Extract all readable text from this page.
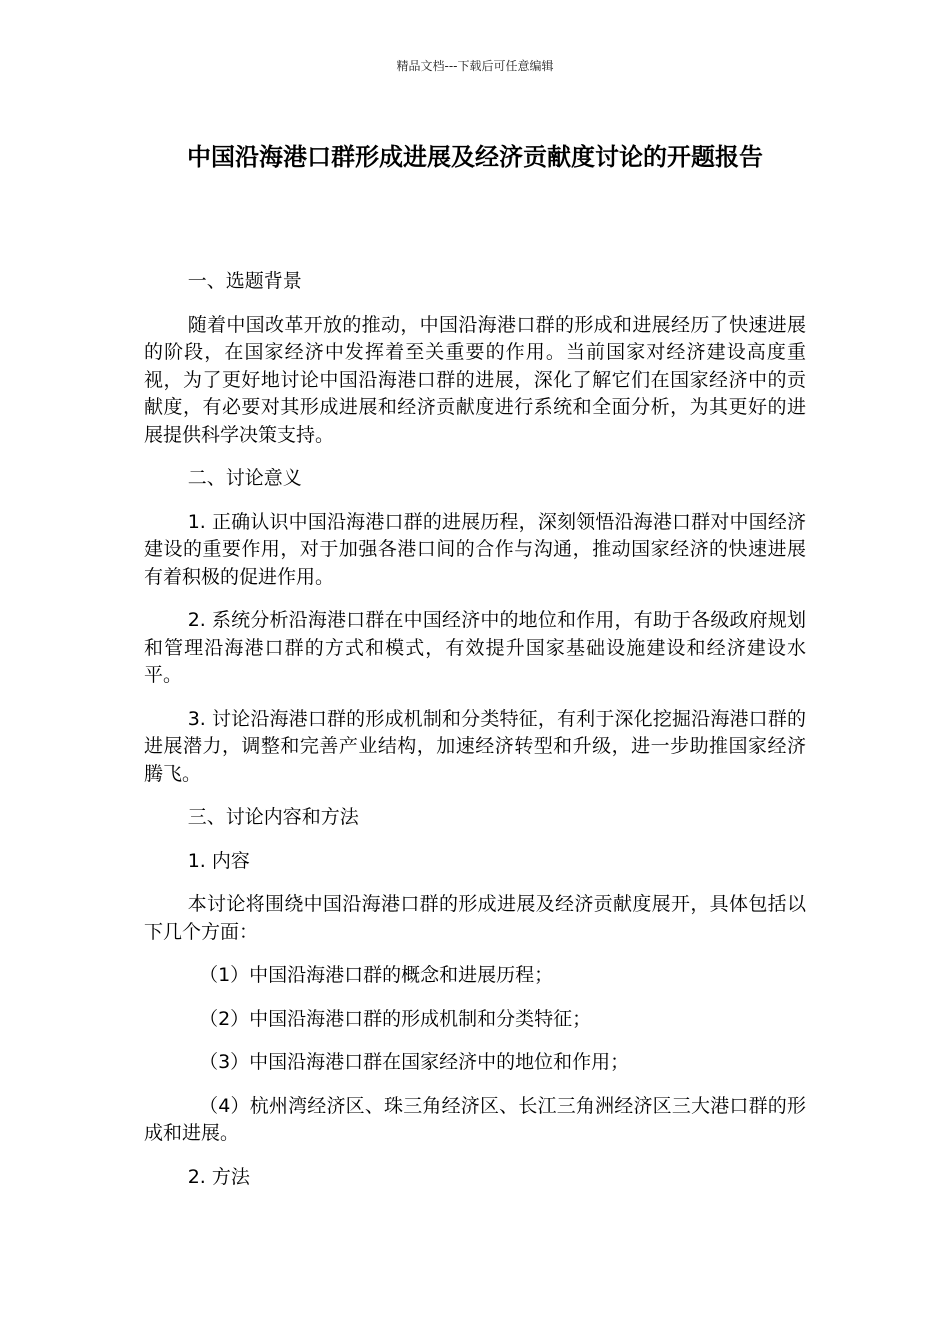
精品文档---下载后可任意编辑
中国沿海港口群形成进展及经济贡献度讨论的开题报告

一、选题背景

随着中国改革开放的推动，中国沿海港口群的形成和进展经历了快速进展的阶段，在国家经济中发挥着至关重要的作用。当前国家对经济建设高度重视，为了更好地讨论中国沿海港口群的进展，深化了解它们在国家经济中的贡献度，有必要对其形成进展和经济贡献度进行系统和全面分析，为其更好的进展提供科学决策支持。

二、讨论意义

1. 正确认识中国沿海港口群的进展历程，深刻领悟沿海港口群对中国经济建设的重要作用，对于加强各港口间的合作与沟通，推动国家经济的快速进展有着积极的促进作用。

2. 系统分析沿海港口群在中国经济中的地位和作用，有助于各级政府规划和管理沿海港口群的方式和模式，有效提升国家基础设施建设和经济建设水平。

3. 讨论沿海港口群的形成机制和分类特征，有利于深化挖掘沿海港口群的进展潜力，调整和完善产业结构，加速经济转型和升级，进一步助推国家经济腾飞。

三、讨论内容和方法

1. 内容

本讨论将围绕中国沿海港口群的形成进展及经济贡献度展开，具体包括以下几个方面：

（1）中国沿海港口群的概念和进展历程；

（2）中国沿海港口群的形成机制和分类特征；

（3）中国沿海港口群在国家经济中的地位和作用；

（4）杭州湾经济区、珠三角经济区、长江三角洲经济区三大港口群的形成和进展。

2. 方法
